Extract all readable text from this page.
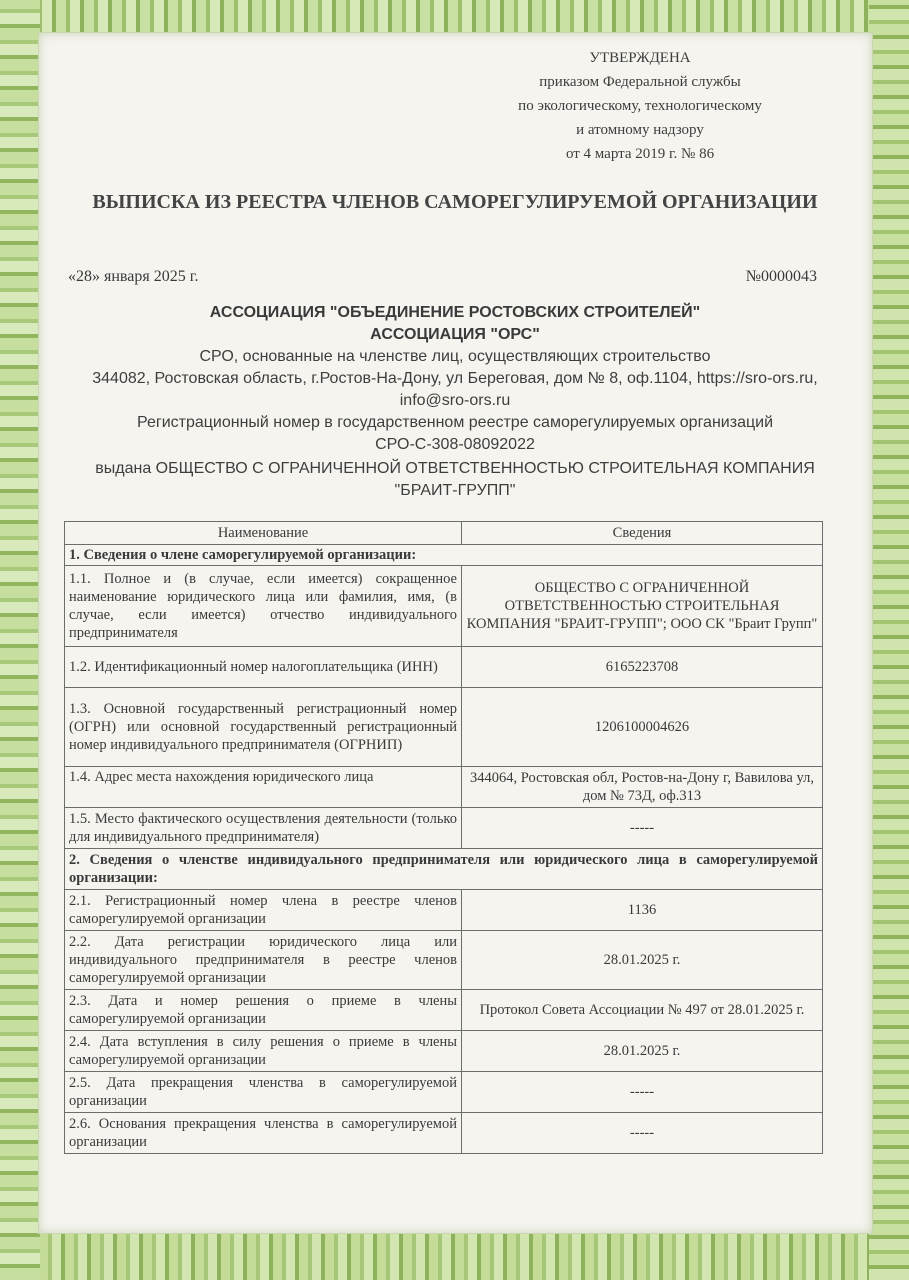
УТВЕРЖДЕНА
приказом Федеральной службы
по экологическому, технологическому
и атомному надзору
от 4 марта 2019 г. № 86
ВЫПИСКА ИЗ РЕЕСТРА ЧЛЕНОВ САМОРЕГУЛИРУЕМОЙ ОРГАНИЗАЦИИ
«28» января 2025 г.	№0000043
АССОЦИАЦИЯ "ОБЪЕДИНЕНИЕ РОСТОВСКИХ СТРОИТЕЛЕЙ"
АССОЦИАЦИЯ "ОРС"
СРО, основанные на членстве лиц, осуществляющих строительство
344082, Ростовская область, г.Ростов-На-Дону, ул Береговая, дом № 8, оф.1104, https://sro-ors.ru, info@sro-ors.ru
Регистрационный номер в государственном реестре саморегулируемых организаций
СРО-С-308-08092022
выдана ОБЩЕСТВО С ОГРАНИЧЕННОЙ ОТВЕТСТВЕННОСТЬЮ СТРОИТЕЛЬНАЯ КОМПАНИЯ "БРАИТ-ГРУПП"
Наименование	Сведения
1. Сведения о члене саморегулируемой организации:	
1.1. Полное и (в случае, если имеется) сокращенное наименование юридического лица или фамилия, имя, (в случае, если имеется) отчество индивидуального предпринимателя	ОБЩЕСТВО С ОГРАНИЧЕННОЙ ОТВЕТСТВЕННОСТЬЮ СТРОИТЕЛЬНАЯ КОМПАНИЯ "БРАИТ-ГРУПП"; ООО СК "Браит Групп"
1.2. Идентификационный номер налогоплательщика (ИНН)	6165223708
1.3. Основной государственный регистрационный номер (ОГРН) или основной государственный регистрационный номер индивидуального предпринимателя (ОГРНИП)	1206100004626
1.4. Адрес места нахождения юридического лица	344064, Ростовская обл, Ростов-на-Дону г, Вавилова ул, дом № 73Д, оф.313
1.5. Место фактического осуществления деятельности (только для индивидуального предпринимателя)	-----
2. Сведения о членстве индивидуального предпринимателя или юридического лица в саморегулируемой организации:	
2.1. Регистрационный номер члена в реестре членов саморегулируемой организации	1136
2.2. Дата регистрации юридического лица или индивидуального предпринимателя в реестре членов саморегулируемой организации	28.01.2025 г.
2.3. Дата и номер решения о приеме в члены саморегулируемой организации	Протокол Совета Ассоциации № 497 от 28.01.2025 г.
2.4. Дата вступления в силу решения о приеме в члены саморегулируемой организации	28.01.2025 г.
2.5. Дата прекращения членства в саморегулируемой организации	-----
2.6. Основания прекращения членства в саморегулируемой организации	-----
